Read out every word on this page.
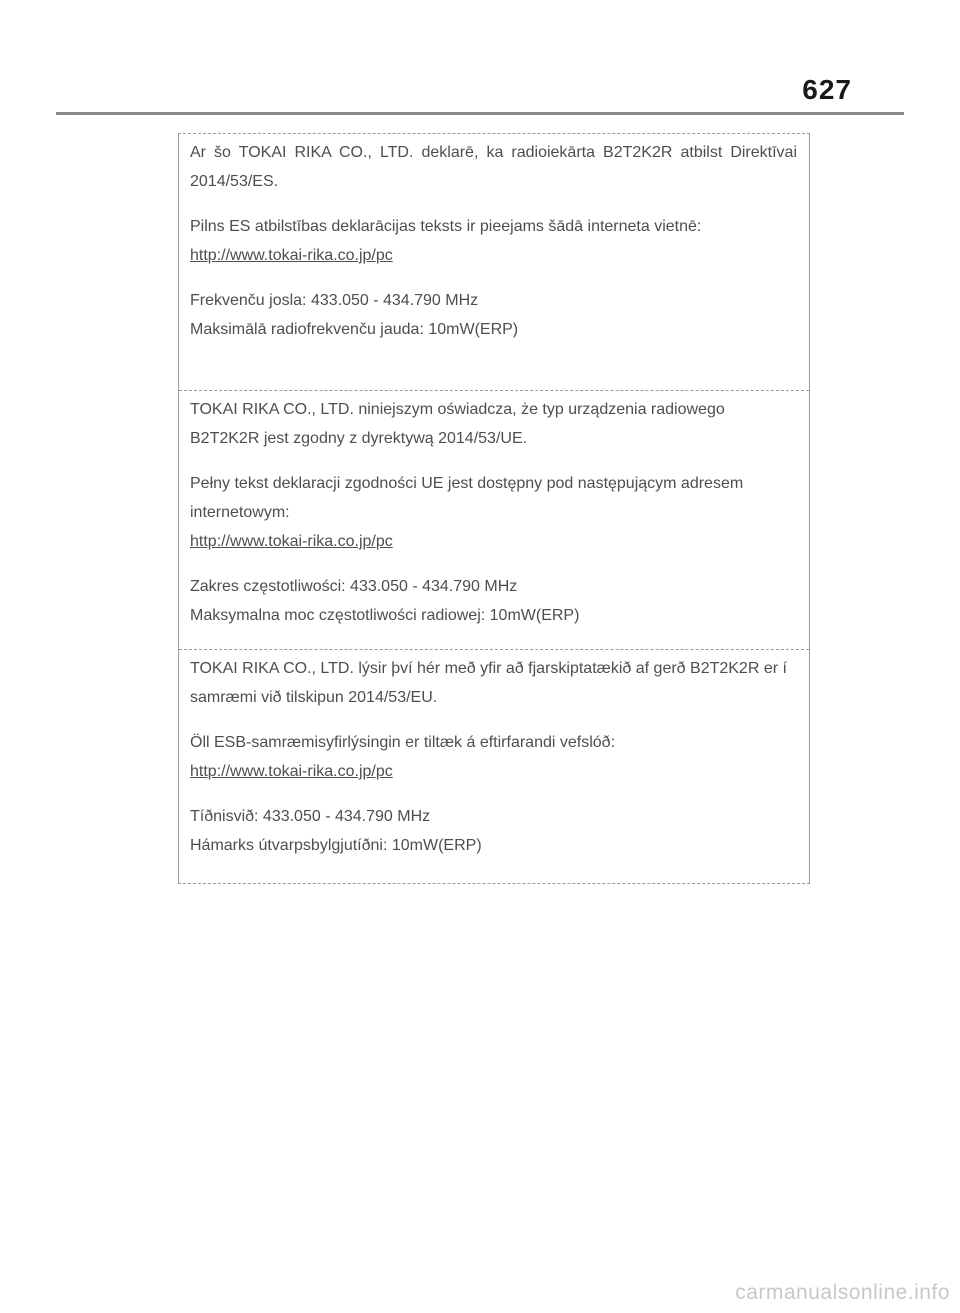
627

Ar šo TOKAI RIKA CO., LTD. deklarē, ka radioiekārta B2T2K2R atbilst Direktīvai 2014/53/ES.

Pilns ES atbilstības deklarācijas teksts ir pieejams šādā interneta vietnē:

http://www.tokai-rika.co.jp/pc

Frekvenču josla: 433.050 - 434.790 MHz

Maksimālā radiofrekvenču jauda: 10mW(ERP)

TOKAI RIKA CO., LTD. niniejszym oświadcza, że typ urządzenia radiowego B2T2K2R jest zgodny z dyrektywą 2014/53/UE.

Pełny tekst deklaracji zgodności UE jest dostępny pod następującym adresem internetowym:

http://www.tokai-rika.co.jp/pc

Zakres częstotliwości: 433.050 - 434.790 MHz

Maksymalna moc częstotliwości radiowej: 10mW(ERP)

TOKAI RIKA CO., LTD. lýsir því hér með yfir að fjarskiptatækið af gerð B2T2K2R er í samræmi við tilskipun 2014/53/EU.

Öll ESB-samræmisyfirlýsingin er tiltæk á eftirfarandi vefslóð:

http://www.tokai-rika.co.jp/pc

Tíðnisvið: 433.050 - 434.790 MHz

Hámarks útvarpsbylgjutíðni: 10mW(ERP)

carmanualsonline.info
